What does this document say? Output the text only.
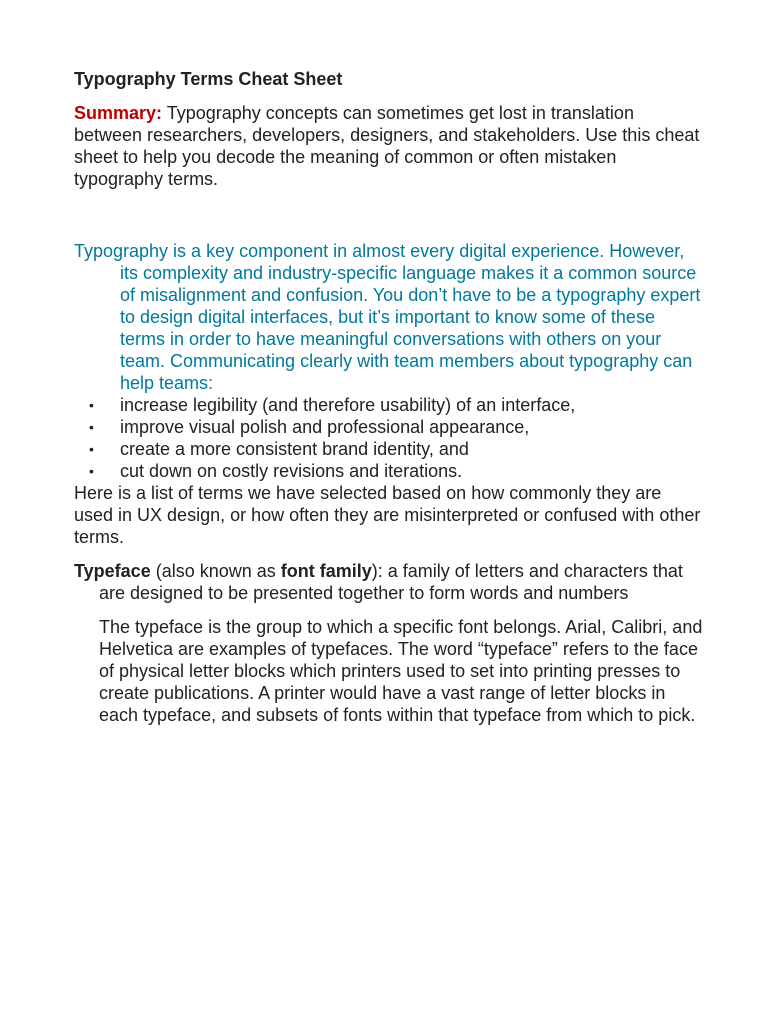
Typography Terms Cheat Sheet

Summary: Typography concepts can sometimes get lost in translation between researchers, developers, designers, and stakeholders. Use this cheat sheet to help you decode the meaning of common or often mistaken typography terms.

Typography is a key component in almost every digital experience. However, its complexity and industry-specific language makes it a common source of misalignment and confusion. You don’t have to be a typography expert to design digital interfaces, but it’s important to know some of these terms in order to have meaningful conversations with others on your team. Communicating clearly with team members about typography can help teams:

• increase legibility (and therefore usability) of an interface,
• improve visual polish and professional appearance,
• create a more consistent brand identity, and
• cut down on costly revisions and iterations.

Here is a list of terms we have selected based on how commonly they are used in UX design, or how often they are misinterpreted or confused with other terms.

Typeface (also known as font family): a family of letters and characters that are designed to be presented together to form words and numbers
The typeface is the group to which a specific font belongs. Arial, Calibri, and Helvetica are examples of typefaces. The word “typeface” refers to the face of physical letter blocks which printers used to set into printing presses to create publications. A printer would have a vast range of letter blocks in each typeface, and subsets of fonts within that typeface from which to pick.
